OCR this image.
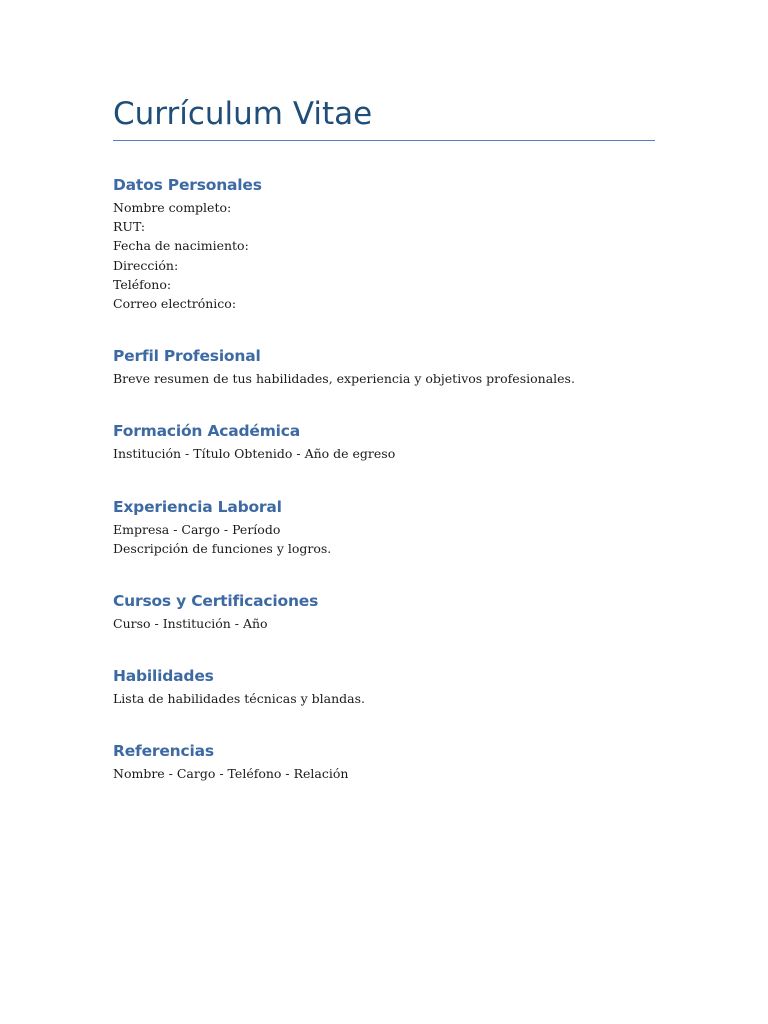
Currículum Vitae
Datos Personales
Nombre completo:
RUT:
Fecha de nacimiento:
Dirección:
Teléfono:
Correo electrónico:
Perfil Profesional
Breve resumen de tus habilidades, experiencia y objetivos profesionales.
Formación Académica
Institución - Título Obtenido - Año de egreso
Experiencia Laboral
Empresa - Cargo - Período
Descripción de funciones y logros.
Cursos y Certificaciones
Curso - Institución - Año
Habilidades
Lista de habilidades técnicas y blandas.
Referencias
Nombre - Cargo - Teléfono - Relación
